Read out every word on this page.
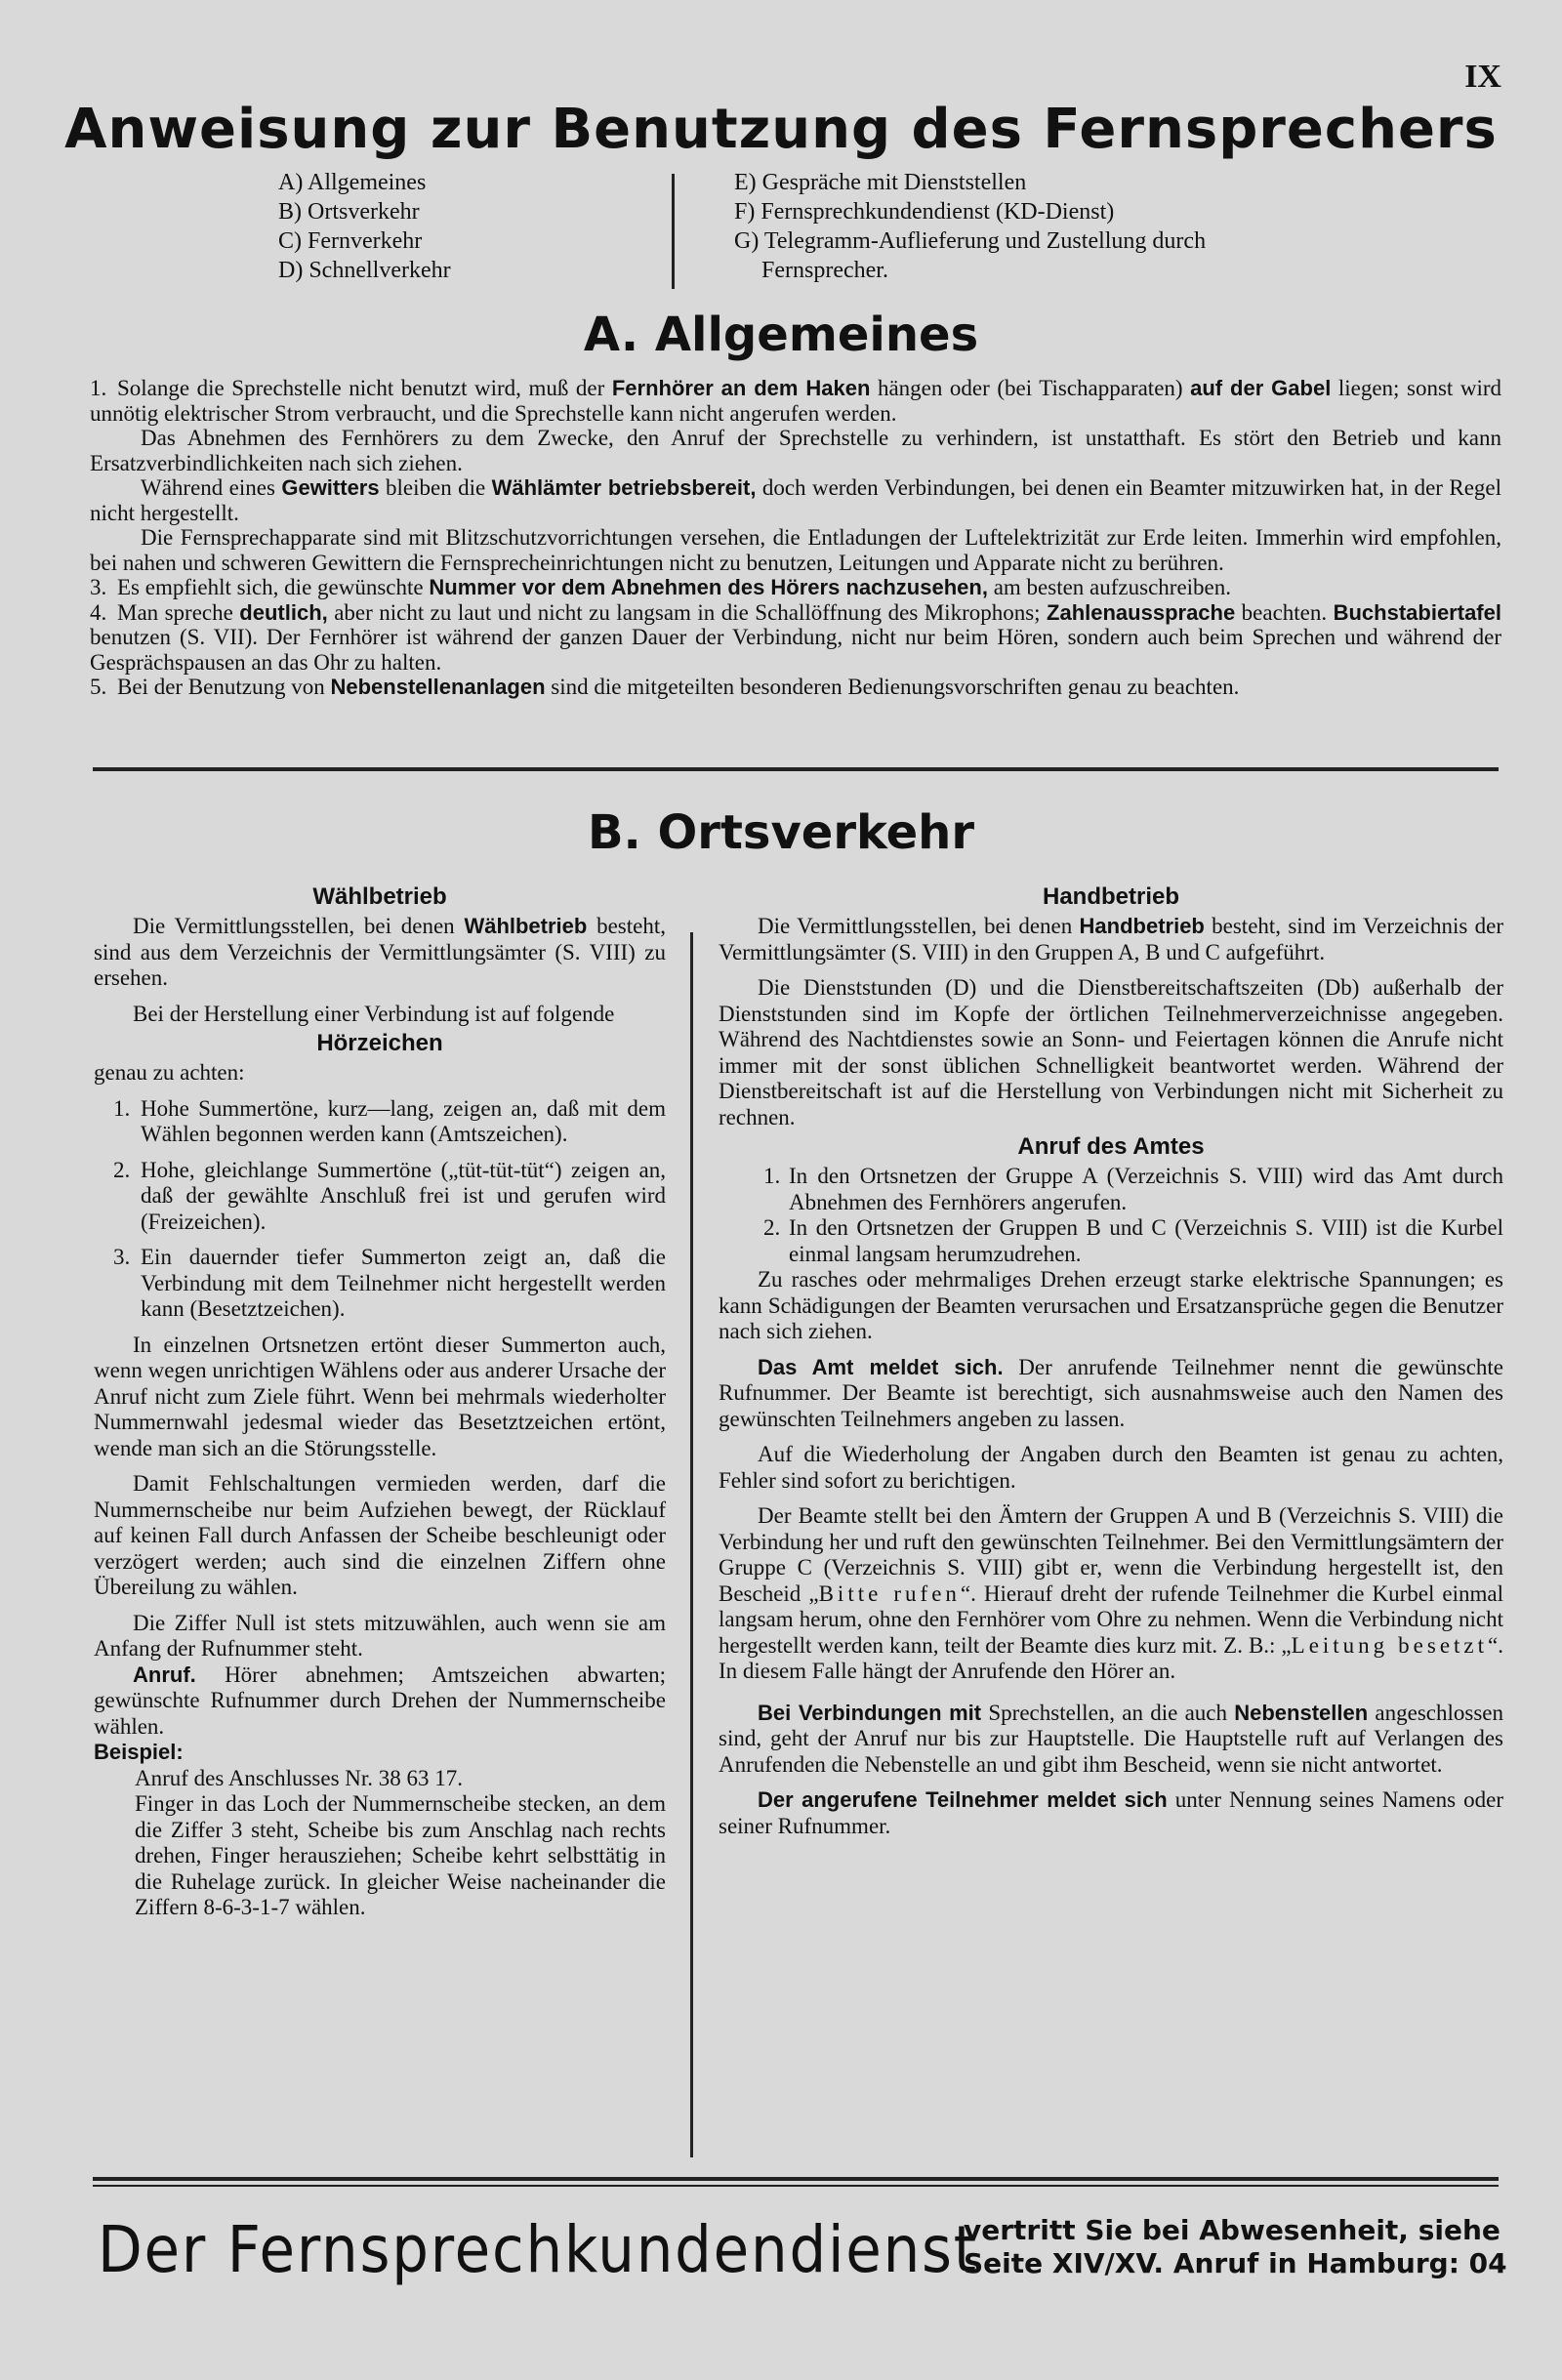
IX
Anweisung zur Benutzung des Fernsprechers
A) Allgemeines
B) Ortsverkehr
C) Fernverkehr
D) Schnellverkehr
E) Gespräche mit Dienststellen
F) Fernsprechkundendienst (KD-Dienst)
G) Telegramm-Auflieferung und Zustellung durch
Fernsprecher.
A. Allgemeines

1. Solange die Sprechstelle nicht benutzt wird, muß der Fernhörer an dem Haken hängen oder (bei Tischapparaten) auf der Gabel liegen; sonst wird unnötig elektrischer Strom verbraucht, und die Sprechstelle kann nicht angerufen werden.

Das Abnehmen des Fernhörers zu dem Zwecke, den Anruf der Sprechstelle zu verhindern, ist unstatthaft. Es stört den Betrieb und kann Ersatzverbindlichkeiten nach sich ziehen.

Während eines Gewitters bleiben die Wählämter betriebsbereit, doch werden Verbindungen, bei denen ein Beamter mitzuwirken hat, in der Regel nicht hergestellt.

Die Fernsprechapparate sind mit Blitzschutzvorrichtungen versehen, die Entladungen der Luftelektrizität zur Erde leiten. Immerhin wird empfohlen, bei nahen und schweren Gewittern die Fernsprecheinrichtungen nicht zu benutzen, Leitungen und Apparate nicht zu berühren.

3. Es empfiehlt sich, die gewünschte Nummer vor dem Abnehmen des Hörers nachzusehen, am besten aufzuschreiben.

4. Man spreche deutlich, aber nicht zu laut und nicht zu langsam in die Schallöffnung des Mikrophons; Zahlenaussprache beachten. Buchstabiertafel benutzen (S. VII). Der Fernhörer ist während der ganzen Dauer der Verbindung, nicht nur beim Hören, sondern auch beim Sprechen und während der Gesprächspausen an das Ohr zu halten.

5. Bei der Benutzung von Nebenstellenanlagen sind die mitgeteilten besonderen Bedienungsvorschriften genau zu beachten.

B. Ortsverkehr
Wählbetrieb

Die Vermittlungsstellen, bei denen Wählbetrieb besteht, sind aus dem Verzeichnis der Vermittlungsämter (S. VIII) zu ersehen.

Bei der Herstellung einer Verbindung ist auf folgende

Hörzeichen

genau zu achten:

1. Hohe Summertöne, kurz—lang, zeigen an, daß mit dem Wählen begonnen werden kann (Amtszeichen).
2. Hohe, gleichlange Summertöne („tüt-tüt-tüt“) zeigen an, daß der gewählte Anschluß frei ist und gerufen wird (Freizeichen).
3. Ein dauernder tiefer Summerton zeigt an, daß die Verbindung mit dem Teilnehmer nicht hergestellt werden kann (Besetztzeichen).

In einzelnen Ortsnetzen ertönt dieser Summerton auch, wenn wegen unrichtigen Wählens oder aus anderer Ursache der Anruf nicht zum Ziele führt. Wenn bei mehrmals wiederholter Nummernwahl jedesmal wieder das Besetztzeichen ertönt, wende man sich an die Störungsstelle.

Damit Fehlschaltungen vermieden werden, darf die Nummernscheibe nur beim Aufziehen bewegt, der Rücklauf auf keinen Fall durch Anfassen der Scheibe beschleunigt oder verzögert werden; auch sind die einzelnen Ziffern ohne Übereilung zu wählen.

Die Ziffer Null ist stets mitzuwählen, auch wenn sie am Anfang der Rufnummer steht.

Anruf. Hörer abnehmen; Amtszeichen abwarten; gewünschte Rufnummer durch Drehen der Nummernscheibe wählen.

Beispiel:

Anruf des Anschlusses Nr. 38 63 17.

Finger in das Loch der Nummernscheibe stecken, an dem die Ziffer 3 steht, Scheibe bis zum Anschlag nach rechts drehen, Finger herausziehen; Scheibe kehrt selbsttätig in die Ruhelage zurück. In gleicher Weise nacheinander die Ziffern 8-6-3-1-7 wählen.

Handbetrieb

Die Vermittlungsstellen, bei denen Handbetrieb besteht, sind im Verzeichnis der Vermittlungsämter (S. VIII) in den Gruppen A, B und C aufgeführt.

Die Dienststunden (D) und die Dienstbereitschaftszeiten (Db) außerhalb der Dienststunden sind im Kopfe der örtlichen Teilnehmerverzeichnisse angegeben. Während des Nachtdienstes sowie an Sonn- und Feiertagen können die Anrufe nicht immer mit der sonst üblichen Schnelligkeit beantwortet werden. Während der Dienstbereitschaft ist auf die Herstellung von Verbindungen nicht mit Sicherheit zu rechnen.

Anruf des Amtes
1. In den Ortsnetzen der Gruppe A (Verzeichnis S. VIII) wird das Amt durch Abnehmen des Fernhörers angerufen.
2. In den Ortsnetzen der Gruppen B und C (Verzeichnis S. VIII) ist die Kurbel einmal langsam herumzudrehen.

Zu rasches oder mehrmaliges Drehen erzeugt starke elektrische Spannungen; es kann Schädigungen der Beamten verursachen und Ersatzansprüche gegen die Benutzer nach sich ziehen.

Das Amt meldet sich. Der anrufende Teilnehmer nennt die gewünschte Rufnummer. Der Beamte ist berechtigt, sich ausnahmsweise auch den Namen des gewünschten Teilnehmers angeben zu lassen.

Auf die Wiederholung der Angaben durch den Beamten ist genau zu achten, Fehler sind sofort zu berichtigen.

Der Beamte stellt bei den Ämtern der Gruppen A und B (Verzeichnis S. VIII) die Verbindung her und ruft den gewünschten Teilnehmer. Bei den Vermittlungsämtern der Gruppe C (Verzeichnis S. VIII) gibt er, wenn die Verbindung hergestellt ist, den Bescheid „Bitte rufen“. Hierauf dreht der rufende Teilnehmer die Kurbel einmal langsam herum, ohne den Fernhörer vom Ohre zu nehmen. Wenn die Verbindung nicht hergestellt werden kann, teilt der Beamte dies kurz mit. Z. B.: „Leitung besetzt“. In diesem Falle hängt der Anrufende den Hörer an.

Bei Verbindungen mit Sprechstellen, an die auch Nebenstellen angeschlossen sind, geht der Anruf nur bis zur Hauptstelle. Die Hauptstelle ruft auf Verlangen des Anrufenden die Nebenstelle an und gibt ihm Bescheid, wenn sie nicht antwortet.

Der angerufene Teilnehmer meldet sich unter Nennung seines Namens oder seiner Rufnummer.

Der Fernsprechkundendienst
vertritt Sie bei Abwesenheit, siehe
Seite XIV/XV. Anruf in Hamburg: 04
